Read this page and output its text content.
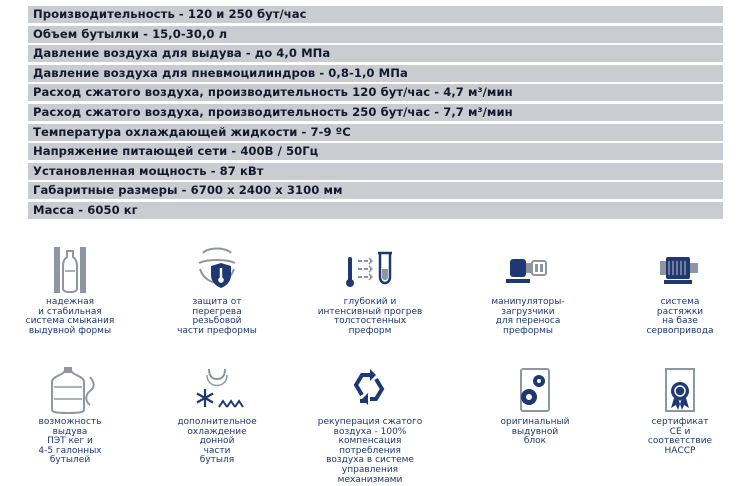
Производительность - 120 и 250 бут/час
Объем бутылки - 15,0-30,0 л
Давление воздуха для выдува - до 4,0 МПа
Давление воздуха для пневмоцилиндров - 0,8-1,0 МПа
Расход сжатого воздуха, производительность 120 бут/час - 4,7 м³/мин
Расход сжатого воздуха, производительность 250 бут/час - 7,7 м³/мин
Температура охлаждающей жидкости - 7-9 ºС
Напряжение питающей сети - 400В / 50Гц
Установленная мощность - 87 кВт
Габаритные размеры - 6700 х 2400 х 3100 мм
Масса - 6050 кг
надежная
и стабильная
система смыкания
выдувной формы
защита от
перегрева
резьбовой
части преформы
глубокий и
интенсивный прогрев
толстостенных
преформ
манипуляторы-
загрузчики
для переноса
преформы
система
растяжки
на базе
сервопривода
возможность
выдува
ПЭТ кег и
4-5 галонных
бутылей
дополнительное
охлаждение
донной
части
бутыля
рекуперация сжатого
воздуха - 100%
компенсация потребления
воздуха в системе
управления механизмами
оригинальный
выдувной
блок
сертификат
СЕ и
соответствие
НАССР
